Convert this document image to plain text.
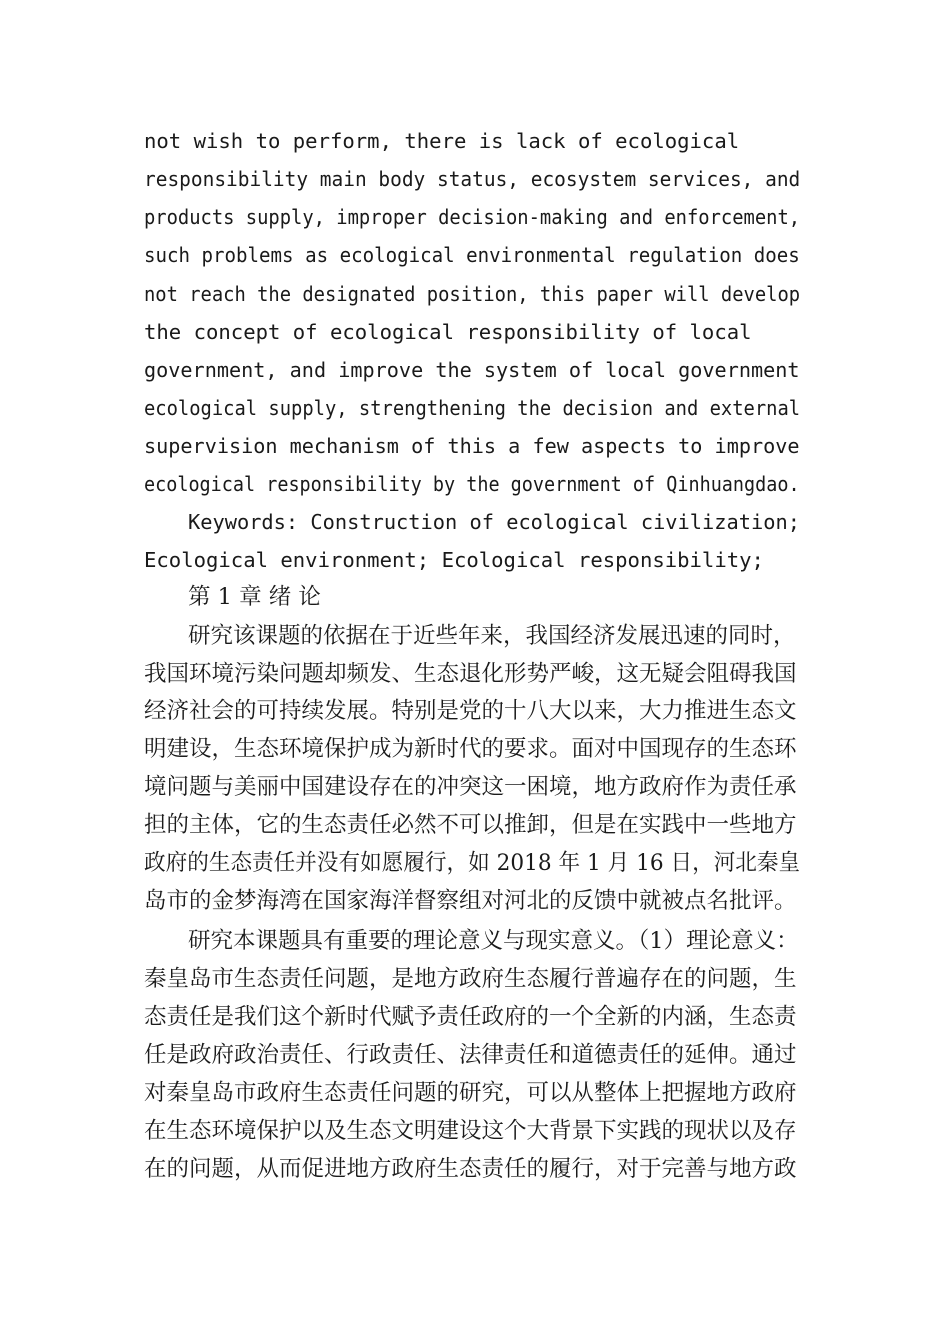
not wish to perform, there is lack of ecological
responsibility main body status, ecosystem services, and
products supply, improper decision-making and enforcement,
such problems as ecological environmental regulation does
not reach the designated position, this paper will develop
the concept of ecological responsibility of local
government, and improve the system of local government
ecological supply, strengthening the decision and external
supervision mechanism of this a few aspects to improve
ecological responsibility by the government of Qinhuangdao.
Keywords: Construction of ecological civilization;
Ecological environment; Ecological responsibility;
第 1 章 绪 论
研究该课题的依据在于近些年来，我国经济发展迅速的同时，
我国环境污染问题却频发、生态退化形势严峻，这无疑会阻碍我国
经济社会的可持续发展。特别是党的十八大以来，大力推进生态文
明建设，生态环境保护成为新时代的要求。面对中国现存的生态环
境问题与美丽中国建设存在的冲突这一困境，地方政府作为责任承
担的主体，它的生态责任必然不可以推卸，但是在实践中一些地方
政府的生态责任并没有如愿履行，如 2018 年 1 月 16 日，河北秦皇
岛市的金梦海湾在国家海洋督察组对河北的反馈中就被点名批评。
研究本课题具有重要的理论意义与现实意义。（1）理论意义：
秦皇岛市生态责任问题，是地方政府生态履行普遍存在的问题，生
态责任是我们这个新时代赋予责任政府的一个全新的内涵，生态责
任是政府政治责任、行政责任、法律责任和道德责任的延伸。通过
对秦皇岛市政府生态责任问题的研究，可以从整体上把握地方政府
在生态环境保护以及生态文明建设这个大背景下实践的现状以及存
在的问题，从而促进地方政府生态责任的履行，对于完善与地方政
